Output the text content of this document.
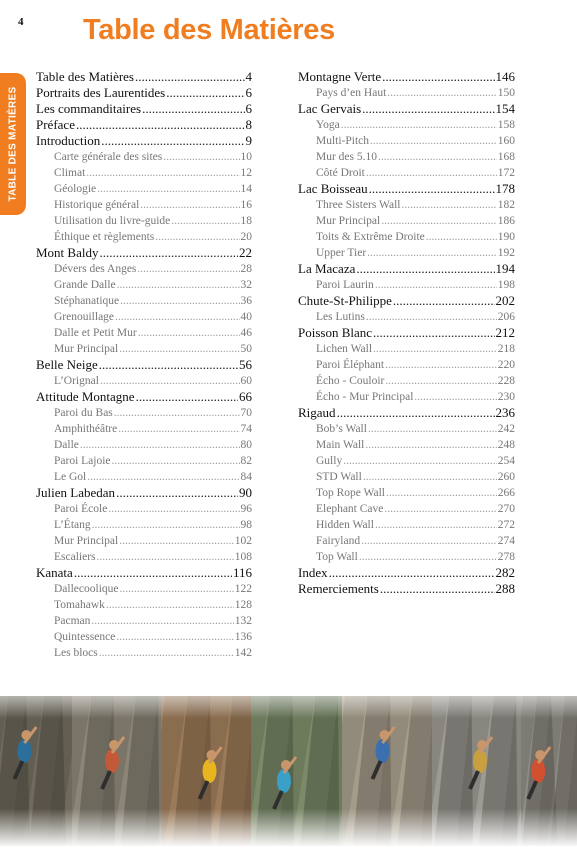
4 Table des Matières
TABLE DES MATIÈRES
Table des Matières .....	4
Portraits des Laurentides .....	6
Les commanditaires .....	6
Préface .....	8
Introduction .....	9
Carte générale des sites .....	10
Climat .....	12
Géologie .....	14
Historique général .....	16
Utilisation du livre-guide .....	18
Éthique et règlements .....	20
Mont Baldy .....	22
Dévers des Anges .....	28
Grande Dalle .....	32
Stéphanatique .....	36
Grenouillage .....	40
Dalle et Petit Mur .....	46
Mur Principal .....	50
Belle Neige .....	56
L’Orignal .....	60
Attitude Montagne .....	66
Paroi du Bas .....	70
Amphithéâtre .....	74
Dalle .....	80
Paroi Lajoie .....	82
Le Gol .....	84
Julien Labedan .....	90
Paroi École .....	96
L’Étang .....	98
Mur Principal .....	102
Escaliers .....	108
Kanata .....	116
Dallecoolique .....	122
Tomahawk .....	128
Pacman .....	132
Quintessence .....	136
Les blocs .....	142
Montagne Verte .....	146
Pays d’en Haut .....	150
Lac Gervais .....	154
Yoga .....	158
Multi-Pitch .....	160
Mur des 5.10 .....	168
Côté Droit .....	172
Lac Boisseau .....	178
Three Sisters Wall .....	182
Mur Principal .....	186
Toits & Extrême Droite .....	190
Upper Tier .....	192
La Macaza .....	194
Paroi Laurin .....	198
Chute-St-Philippe .....	202
Les Lutins .....	206
Poisson Blanc .....	212
Lichen Wall .....	218
Paroi Éléphant .....	220
Écho - Couloir .....	228
Écho - Mur Principal .....	230
Rigaud .....	236
Bob’s Wall .....	242
Main Wall .....	248
Gully .....	254
STD Wall .....	260
Top Rope Wall .....	266
Elephant Cave .....	270
Hidden Wall .....	272
Fairyland .....	274
Top Wall .....	278
Index .....	282
Remerciements .....	288
